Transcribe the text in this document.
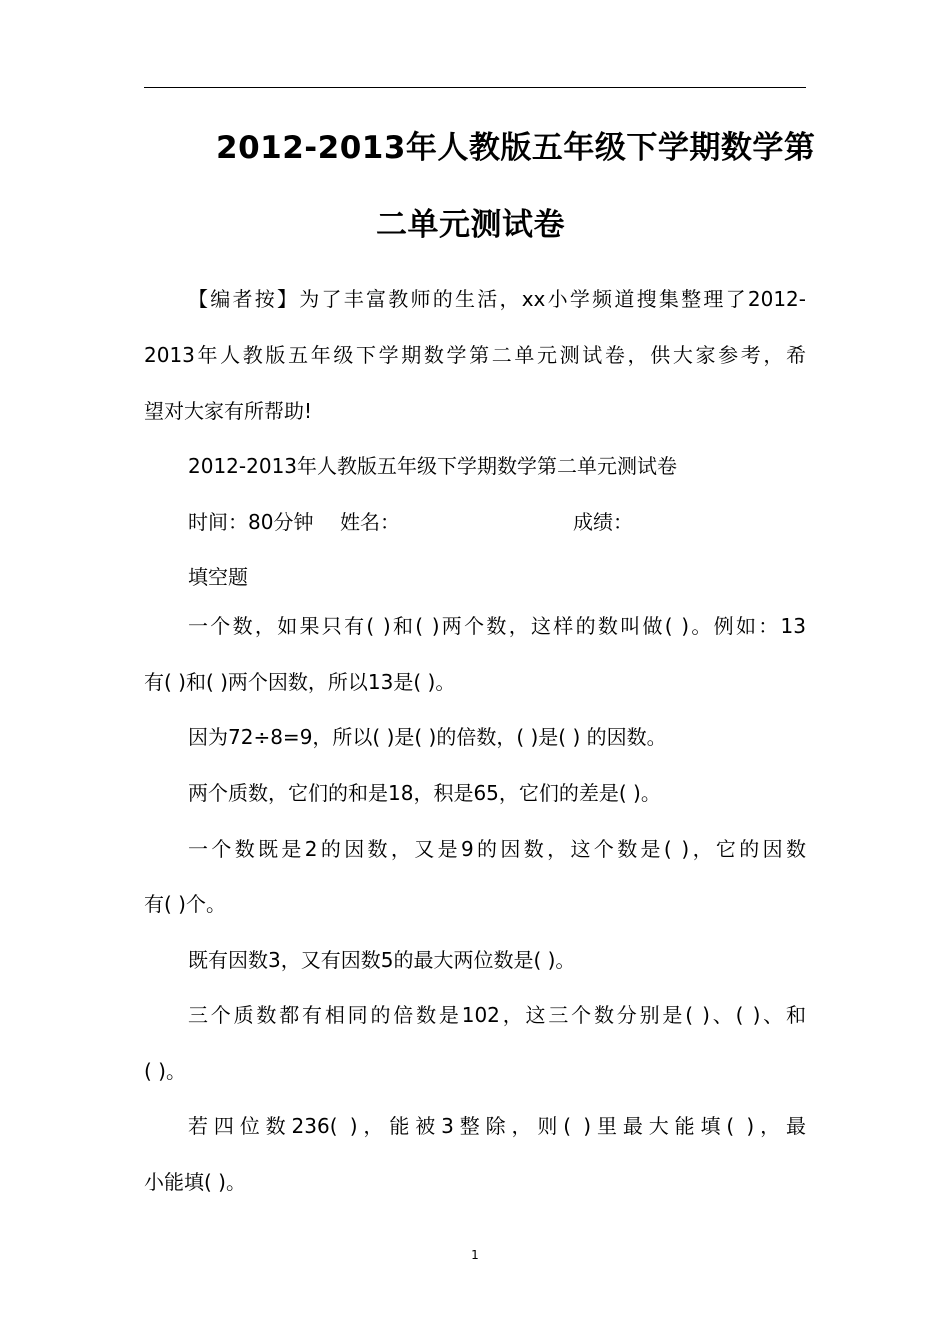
2012-2013年人教版五年级下学期数学第
二单元测试卷

【编者按】为了丰富教师的生活，xx小学频道搜集整理了2012-

2013年人教版五年级下学期数学第二单元测试卷，供大家参考，希

望对大家有所帮助!

2012-2013年人教版五年级下学期数学第二单元测试卷

时间：80分钟 姓名：	成绩：

填空题

一个数，如果只有( )和( )两个数，这样的数叫做( )。例如：13

有( )和( )两个因数，所以13是( )。

因为72÷8=9，所以( )是( )的倍数，( )是( ) 的因数。

两个质数，它们的和是18，积是65，它们的差是( )。

一个数既是2的因数，又是9的因数，这个数是( )，它的因数

有( )个。

既有因数3，又有因数5的最大两位数是( )。

三个质数都有相同的倍数是102，这三个数分别是( )、( )、和

( )。

若四位数236( )，能被3整除，则( )里最大能填( )，最

小能填( )。

1
